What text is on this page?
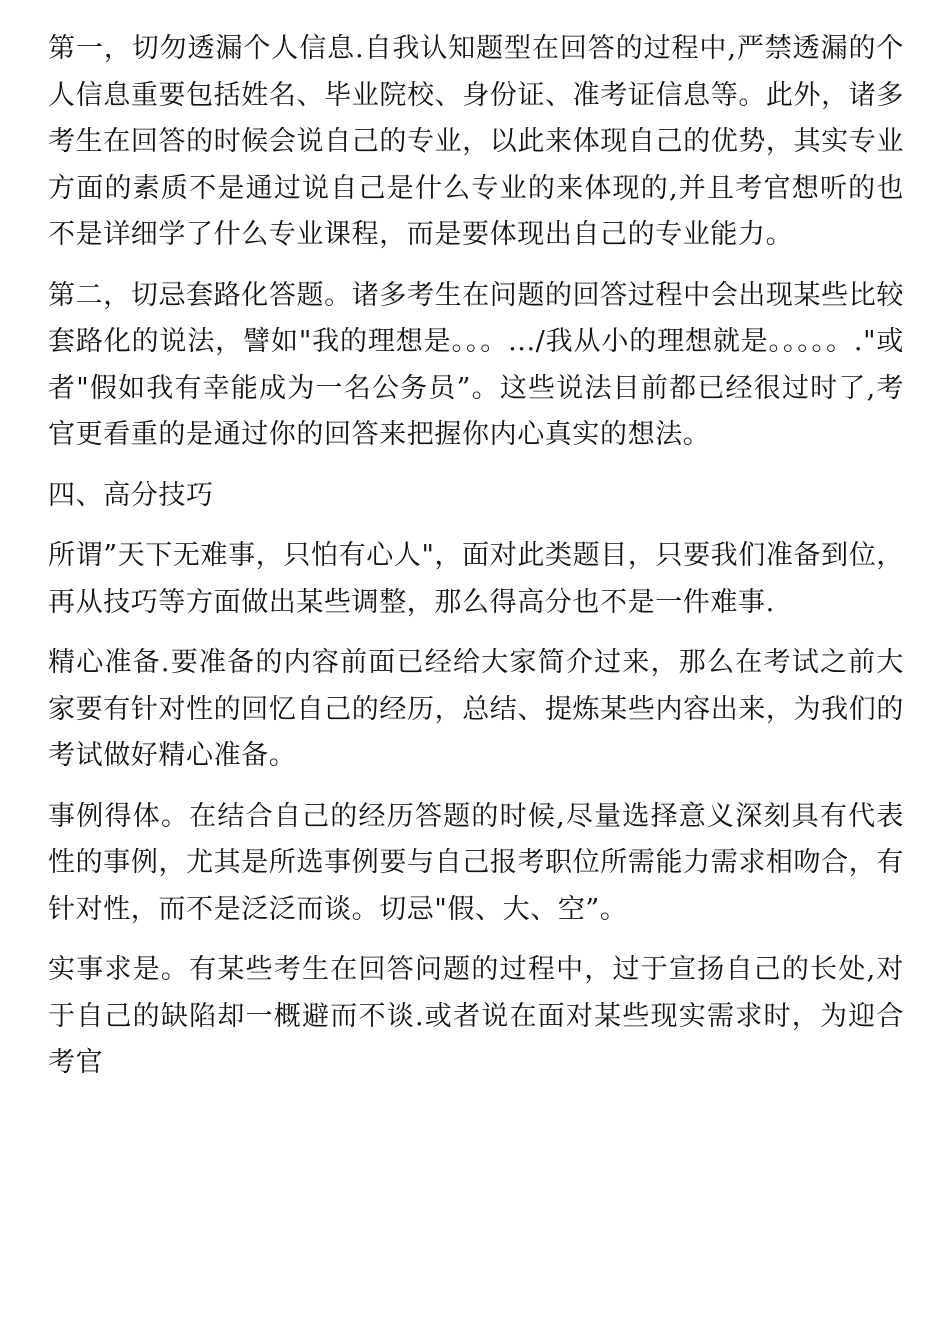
第一，切勿透漏个人信息.自我认知题型在回答的过程中,严禁透漏的个人信息重要包括姓名、毕业院校、身份证、准考证信息等。此外，诸多考生在回答的时候会说自己的专业，以此来体现自己的优势，其实专业方面的素质不是通过说自己是什么专业的来体现的,并且考官想听的也不是详细学了什么专业课程，而是要体现出自己的专业能力。

第二，切忌套路化答题。诸多考生在问题的回答过程中会出现某些比较套路化的说法，譬如"我的理想是。。。.../我从小的理想就是。。。。。."或者"假如我有幸能成为一名公务员”。这些说法目前都已经很过时了,考官更看重的是通过你的回答来把握你内心真实的想法。

四、高分技巧

所谓”天下无难事，只怕有心人"，面对此类题目，只要我们准备到位，再从技巧等方面做出某些调整，那么得高分也不是一件难事.

精心准备.要准备的内容前面已经给大家简介过来，那么在考试之前大家要有针对性的回忆自己的经历，总结、提炼某些内容出来，为我们的考试做好精心准备。

事例得体。在结合自己的经历答题的时候,尽量选择意义深刻具有代表性的事例，尤其是所选事例要与自己报考职位所需能力需求相吻合，有针对性，而不是泛泛而谈。切忌"假、大、空”。

实事求是。有某些考生在回答问题的过程中，过于宣扬自己的长处,对于自己的缺陷却一概避而不谈.或者说在面对某些现实需求时，为迎合考官
